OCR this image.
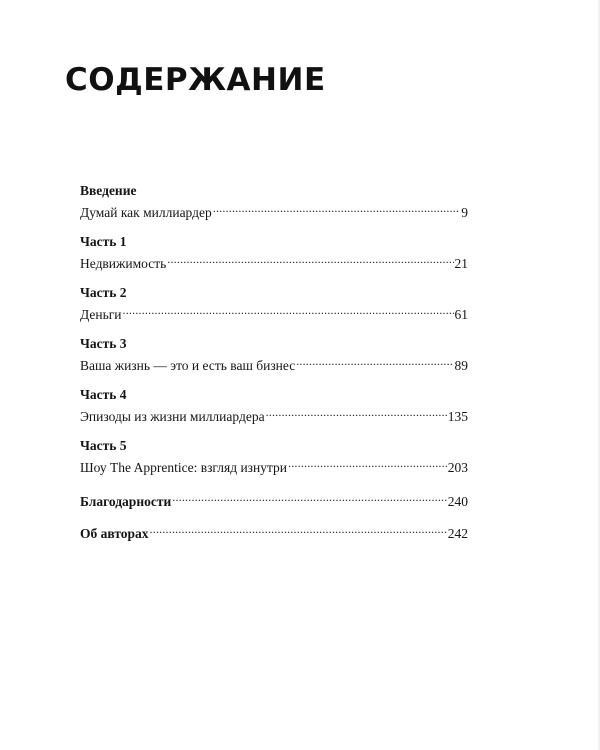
СОДЕРЖАНИЕ
Введение
Думай как миллиардер .....	9
Часть 1
Недвижимость .....	21
Часть 2
Деньги .....	61
Часть 3
Ваша жизнь — это и есть ваш бизнес .....	89
Часть 4
Эпизоды из жизни миллиардера .....	135
Часть 5
Шоу The Apprentice: взгляд изнутри .....	203
Благодарности .....	240
Об авторах .....	242
